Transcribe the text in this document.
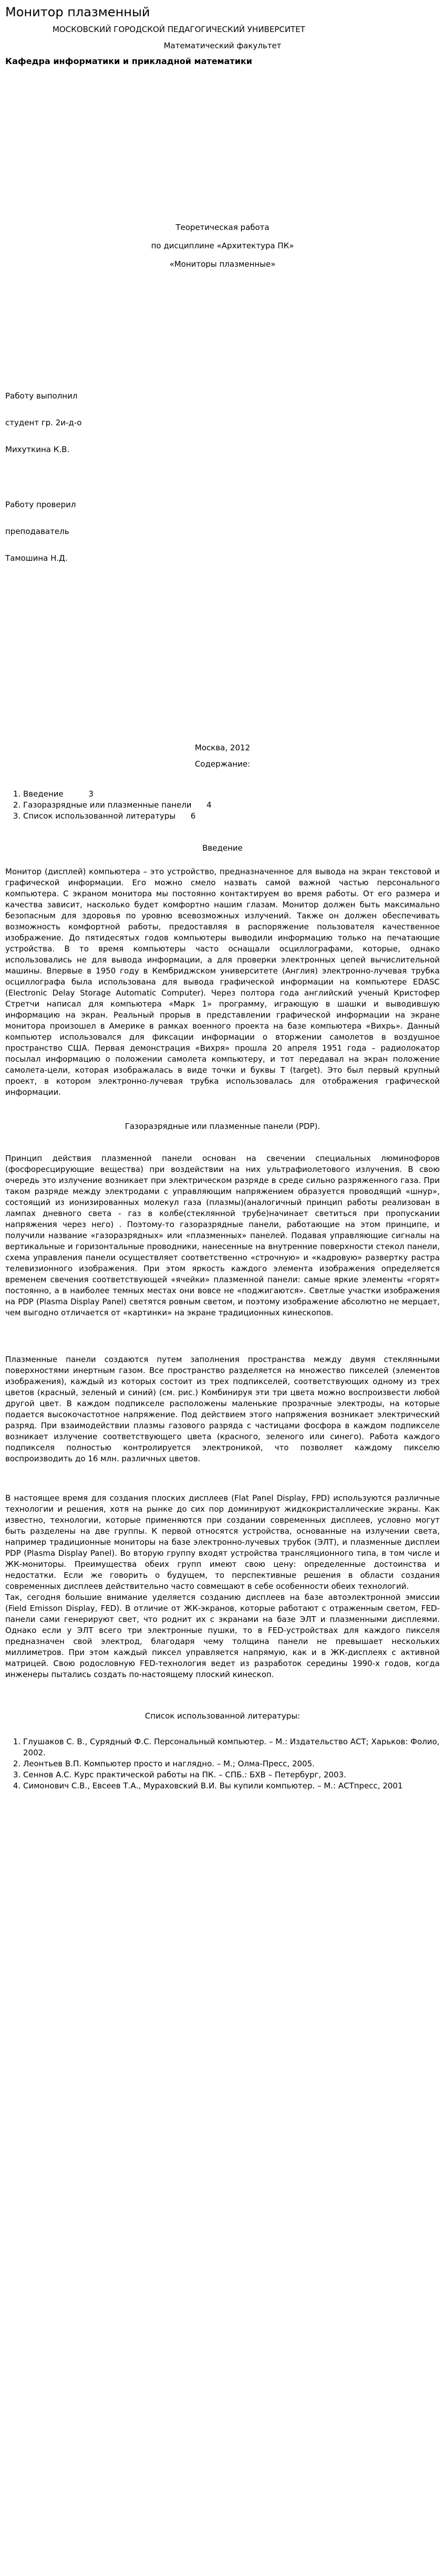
Монитор плазменный

МОСКОВСКИЙ ГОРОДСКОЙ ПЕДАГОГИЧЕСКИЙ УНИВЕРСИТЕТ

Математический факультет

Кафедра информатики и прикладной математики

Теоретическая работа

по дисциплине «Архитектура ПК»

«Мониторы плазменные»

Работу выполнил

студент гр. 2и-д-о

Михуткина К.В.

Работу проверил

преподаватель

Тамошина Н.Д.

Москва, 2012

Содержание:

1. Введение          3
2. Газоразрядные или плазменные панели      4
3. Список использованной литературы      6

Введение

Монитор (дисплей) компьютера – это устройство, предназначенное для вывода на экран текстовой и графической информации. Его можно смело назвать самой важной частью персонального компьютера. С экраном монитора мы постоянно контактируем во время работы. От его размера и качества зависит, насколько будет комфортно нашим глазам. Монитор должен быть максимально безопасным для здоровья по уровню всевозможных излучений. Также он должен обеспечивать возможность комфортной работы, предоставляя в распоряжение пользователя качественное изображение. До пятидесятых годов компьютеры выводили информацию только на печатающие устройства. В то время компьютеры часто оснащали осциллографами, которые, однако использовались не для вывода информации, а для проверки электронных цепей вычислительной машины. Впервые в 1950 году в Кембриджском университете (Англия) электронно-лучевая трубка осциллографа была использована для вывода графической информации на компьютере EDASC (Electronic Delay Storage Automatic Computer). Через полтора года английский ученый Кристофер Стретчи написал для компьютера «Марк 1» программу, играющую в шашки и выводившую информацию на экран. Реальный прорыв в представлении графической информации на экране монитора произошел в Америке в рамках военного проекта на базе компьютера «Вихрь». Данный компьютер использовался для фиксации информации о вторжении самолетов в воздушное пространство США. Первая демонстрация «Вихря» прошла 20 апреля 1951 года – радиолокатор посылал информацию о положении самолета компьютеру, и тот передавал на экран положение самолета-цели, которая изображалась в виде точки и буквы T (target). Это был первый крупный проект, в котором электронно-лучевая трубка использовалась для отображения графической информации.

Газоразрядные или плазменные панели (PDP).

Принцип действия плазменной панели основан на свечении специальных люминофоров (фосфоресцирующие вещества) при воздействии на них ультрафиолетового излучения. В свою очередь это излучение возникает при электрическом разряде в среде сильно разряженного газа. При таком разряде между электродами с управляющим напряжением образуется проводящий «шнур», состоящий из ионизированных молекул газа (плазмы)(аналогичный принцип работы реализован в лампах дневного света - газ в колбе(стеклянной трубе)начинает светиться при пропускании напряжения через него) . Поэтому-то газоразрядные панели, работающие на этом принципе, и получили название «газоразрядных» или «плазменных» панелей. Подавая управляющие сигналы на вертикальные и горизонтальные проводники, нанесенные на внутренние поверхности стекол панели, схема управления панели осуществляет соответственно «строчную» и «кадровую» развертку растра телевизионного изображения. При этом яркость каждого элемента изображения определяется временем свечения соответствующей «ячейки» плазменной панели: самые яркие элементы «горят» постоянно, а в наиболее темных местах они вовсе не «поджигаются». Светлые участки изображения на PDP (Plasma Display Panel) светятся ровным светом, и поэтому изображение абсолютно не мерцает, чем выгодно отличается от «картинки» на экране традиционных кинескопов.

Плазменные панели создаются путем заполнения пространства между двумя стеклянными поверхностями инертным газом. Все пространство разделяется на множество пикселей (элементов изображения), каждый из которых состоит из трех подпикселей, соответствующих одному из трех цветов (красный, зеленый и синий) (см. рис.) Комбинируя эти три цвета можно воспроизвести любой другой цвет. В каждом подпикселе расположены маленькие прозрачные электроды, на которые подается высокочастотное напряжение. Под действием этого напряжения возникает электрический разряд. При взаимодействии плазмы газового разряда с частицами фосфора в каждом подпикселе возникает излучение соответствующего цвета (красного, зеленого или синего). Работа каждого подпикселя полностью контролируется электроникой, что позволяет каждому пикселю воспроизводить до 16 млн. различных цветов.

В настоящее время для создания плоских дисплеев (Flat Panel Display, FPD) используются различные технологии и решения, хотя на рынке до сих пор доминируют жидкокристаллические экраны. Как известно, технологии, которые применяются при создании современных дисплеев, условно могут быть разделены на две группы. К первой относятся устройства, основанные на излучении света, например традиционные мониторы на базе электронно-лучевых трубок (ЭЛТ), и плазменные дисплеи PDP (Plasma Display Panel). Во вторую группу входят устройства трансляционного типа, в том числе и ЖК-мониторы. Преимущества обеих групп имеют свою цену: определенные достоинства и недостатки. Если же говорить о будущем, то перспективные решения в области создания современных дисплеев действительно часто совмещают в себе особенности обеих технологий.

Так, сегодня большие внимание уделяется созданию дисплеев на базе автоэлектронной эмиссии (Field Emisson Display, FED). В отличие от ЖК-экранов, которые работают с отраженным светом, FED-панели сами генерируют свет, что роднит их с экранами на базе ЭЛТ и плазменными дисплеями. Однако если у ЭЛТ всего три электронные пушки, то в FED-устройствах для каждого пикселя предназначен свой электрод, благодаря чему толщина панели не превышает нескольких миллиметров. При этом каждый пиксел управляется напрямую, как и в ЖК-дисплеях с активной матрицей. Свою родословную FED-технология ведет из разработок середины 1990-х годов, когда инженеры пытались создать по-настоящему плоский кинескоп.

Список использованной литературы:

1. Глушаков С. В., Сурядный Ф.С. Персональный компьютер. – М.: Издательство АСТ; Харьков: Фолио, 2002.
2. Леонтьев В.П. Компьютер просто и наглядно. – М.; Олма-Пресс, 2005.
3. Сеннов А.С. Курс практической работы на ПК. – СПБ.: БХВ – Петербург, 2003.
4. Симонович С.В., Евсеев Т.А., Мураховский В.И. Вы купили компьютер. – М.: АСТпресс, 2001
